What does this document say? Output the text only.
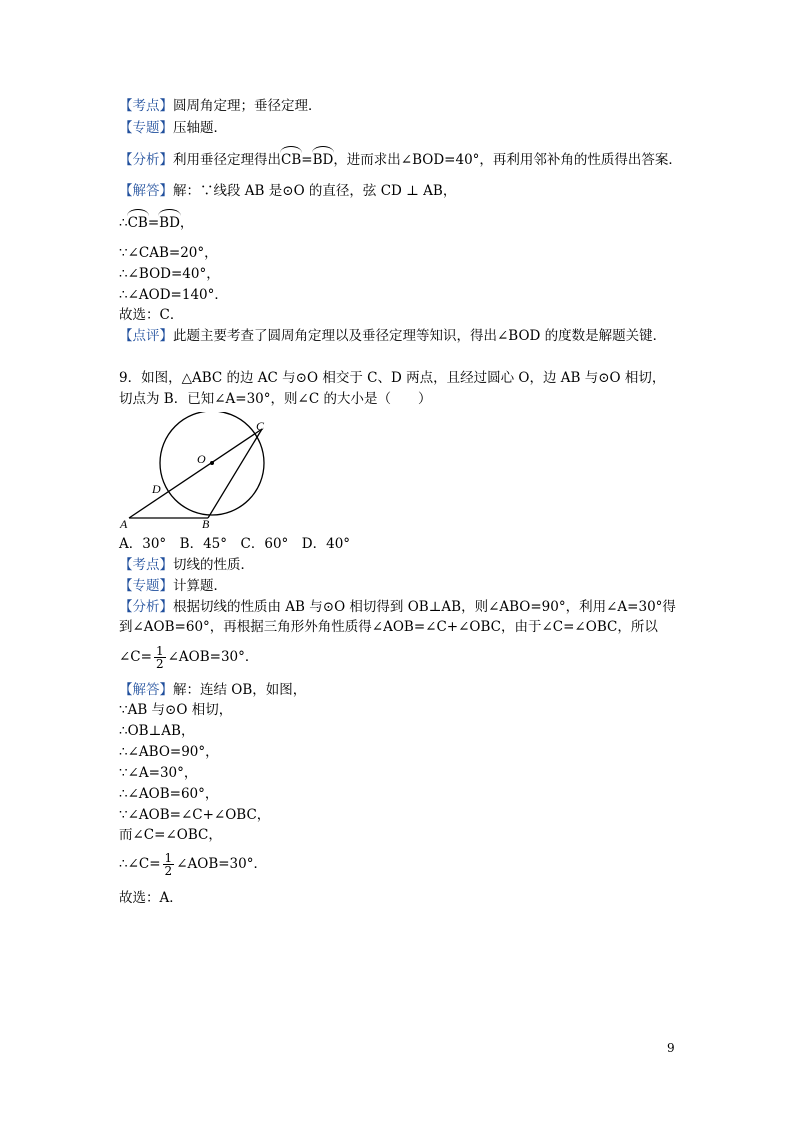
【考点】圆周角定理；垂径定理．
【专题】压轴题．
【分析】利用垂径定理得出CB=BD，进而求出∠BOD=40°，再利用邻补角的性质得出答案．
【解答】解：∵线段 AB 是⊙O 的直径，弦 CD ⊥ AB，
∴CB=BD，
∵∠CAB=20°，
∴∠BOD=40°，
∴∠AOD=140°．
故选：C．
【点评】此题主要考查了圆周角定理以及垂径定理等知识，得出∠BOD 的度数是解题关键．
9．如图，△ABC 的边 AC 与⊙O 相交于 C、D 两点，且经过圆心 O，边 AB 与⊙O 相切，
切点为 B．已知∠A=30°，则∠C 的大小是（　　）
C
O
D
A	B
A．30°　B．45°　C．60°　D．40°
【考点】切线的性质．
【专题】计算题．
【分析】根据切线的性质由 AB 与⊙O 相切得到 OB⊥AB，则∠ABO=90°，利用∠A=30°得
到∠AOB=60°，再根据三角形外角性质得∠AOB=∠C+∠OBC，由于∠C=∠OBC，所以
∠C= $\frac{1}{2}$ ∠AOB=30°．
【解答】解：连结 OB，如图，
∵AB 与⊙O 相切，
∴OB⊥AB，
∴∠ABO=90°，
∵∠A=30°，
∴∠AOB=60°，
∵∠AOB=∠C+∠OBC，
而∠C=∠OBC，
∴∠C= $\frac{1}{2}$ ∠AOB=30°．
故选：A．
9
